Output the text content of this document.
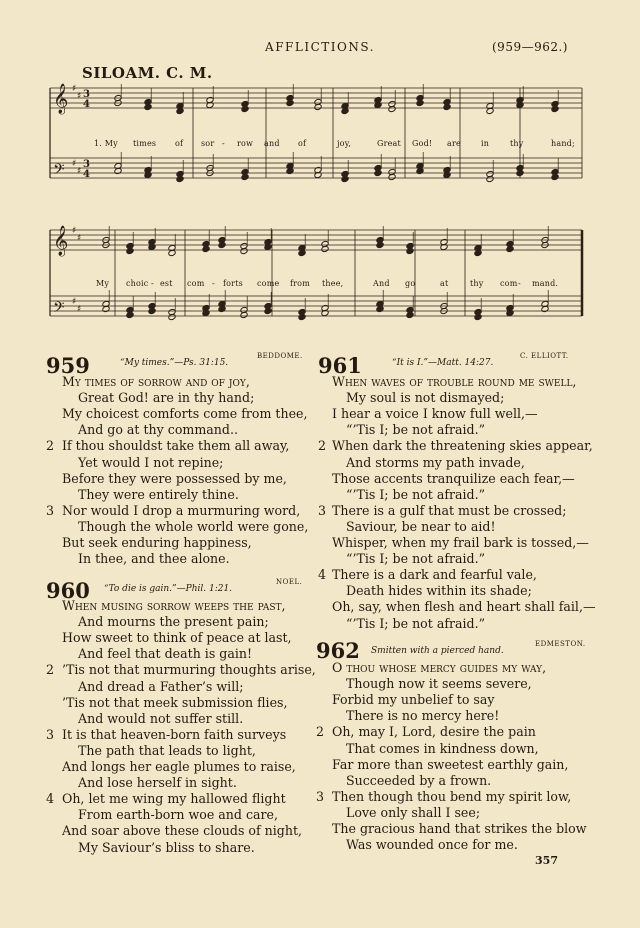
AFFLICTIONS.	(959—962.)
SILOAM. C. M.
𝄞 ♯
♯ 3
4
𝄢 ♯
♯
3
4
𝄞 ♯
♯
𝄢 ♯
♯
1. My times of sor - row and of	joy,	Great God! are	in	thy	hand;
My choic - est com - forts come from thee,	And go	at	thy com - mand.
959	“My times.”—Ps. 31:15.
BEDDOME.
My times of sorrow and of joy,
Great God! are in thy hand;
My choicest comforts come from thee,
And go at thy command..
2 If thou shouldst take them all away,
Yet would I not repine;
Before they were possessed by me,
They were entirely thine.
3 Nor would I drop a murmuring word,
Though the whole world were gone,
But seek enduring happiness,
In thee, and thee alone.
960 “To die is gain.”—Phil. 1:21.
NOEL.
When musing sorrow weeps the past,
And mourns the present pain;
How sweet to think of peace at last,
And feel that death is gain!
2 ’Tis not that murmuring thoughts arise,
And dread a Father’s will;
’Tis not that meek submission flies,
And would not suffer still.
3 It is that heaven-born faith surveys
The path that leads to light,
And longs her eagle plumes to raise,
And lose herself in sight.
4 Oh, let me wing my hallowed flight
From earth-born woe and care,
And soar above these clouds of night,
My Saviour’s bliss to share.
961	“It is I.”—Matt. 14:27.
C. ELLIOTT.
When waves of trouble round me swell,
My soul is not dismayed;
I hear a voice I know full well,—
“’Tis I; be not afraid.”
2 When dark the threatening skies appear,
And storms my path invade,
Those accents tranquilize each fear,—
“’Tis I; be not afraid.”
3 There is a gulf that must be crossed;
Saviour, be near to aid!
Whisper, when my frail bark is tossed,—
“’Tis I; be not afraid.”
4 There is a dark and fearful vale,
Death hides within its shade;
Oh, say, when flesh and heart shall fail,—
“’Tis I; be not afraid.”
962 Smitten with a pierced hand.
EDMESTON.
O thou whose mercy guides my way,
Though now it seems severe,
Forbid my unbelief to say
There is no mercy here!
2 Oh, may I, Lord, desire the pain
That comes in kindness down,
Far more than sweetest earthly gain,
Succeeded by a frown.
3 Then though thou bend my spirit low,
Love only shall I see;
The gracious hand that strikes the blow
Was wounded once for me.
357
